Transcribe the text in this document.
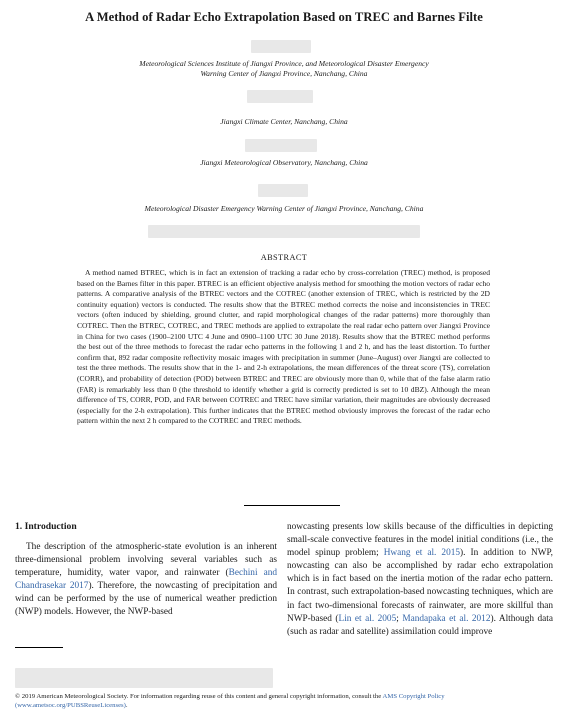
A Method of Radar Echo Extrapolation Based on TREC and Barnes Filte
Meteorological Sciences Institute of Jiangxi Province, and Meteorological Disaster Emergency
Warning Center of Jiangxi Province, Nanchang, China
Jiangxi Climate Center, Nanchang, China
Jiangxi Meteorological Observatory, Nanchang, China
Meteorological Disaster Emergency Warning Center of Jiangxi Province, Nanchang, China
ABSTRACT
A method named BTREC, which is in fact an extension of tracking a radar echo by cross-correlation (TREC) method, is proposed based on the Barnes filter in this paper. BTREC is an efficient objective analysis method for smoothing the motion vectors of radar echo patterns. A comparative analysis of the BTREC vectors and the COTREC (another extension of TREC, which is restricted by the 2D continuity equation) vectors is conducted. The results show that the BTREC method corrects the noise and inconsistencies in TREC vectors (often induced by shielding, ground clutter, and rapid morphological changes of the radar patterns) more thoroughly than COTREC. Then the BTREC, COTREC, and TREC methods are applied to extrapolate the real radar echo pattern over Jiangxi Province in China for two cases (1900–2100 UTC 4 June and 0900–1100 UTC 30 June 2018). Results show that the BTREC method performs the best out of the three methods to forecast the radar echo patterns in the following 1 and 2 h, and has the least distortion. To further confirm that, 892 radar composite reflectivity mosaic images with precipitation in summer (June–August) over Jiangxi are collected to test the three methods. The results show that in the 1- and 2-h extrapolations, the mean differences of the threat score (TS), correlation (CORR), and probability of detection (POD) between BTREC and TREC are obviously more than 0, while that of the false alarm ratio (FAR) is remarkably less than 0 (the threshold to identify whether a grid is correctly predicted is set to 10 dBZ). Although the mean difference of TS, CORR, POD, and FAR between COTREC and TREC have similar variation, their magnitudes are obviously decreased (especially for the 2-h extrapolation). This further indicates that the BTREC method obviously improves the forecast of the radar echo pattern within the next 2 h compared to the COTREC and TREC methods.
1. Introduction
The description of the atmospheric-state evolution is an inherent three-dimensional problem involving several variables such as temperature, humidity, water vapor, and rainwater (Bechini and Chandrasekar 2017). Therefore, the nowcasting of precipitation and wind can be performed by the use of numerical weather prediction (NWP) models. However, the NWP-based
nowcasting presents low skills because of the difficulties in depicting small-scale convective features in the model initial conditions (i.e., the model spinup problem; Hwang et al. 2015). In addition to NWP, nowcasting can also be accomplished by radar echo extrapolation which is in fact based on the inertia motion of the radar echo pattern. In contrast, such extrapolation-based nowcasting techniques, which are in fact two-dimensional forecasts of rainwater, are more skillful than NWP-based (Lin et al. 2005; Mandapaka et al. 2012). Although data (such as radar and satellite) assimilation could improve
© 2019 American Meteorological Society. For information regarding reuse of this content and general copyright information, consult the AMS Copyright Policy (www.ametsoc.org/PUBSReuseLicenses).
